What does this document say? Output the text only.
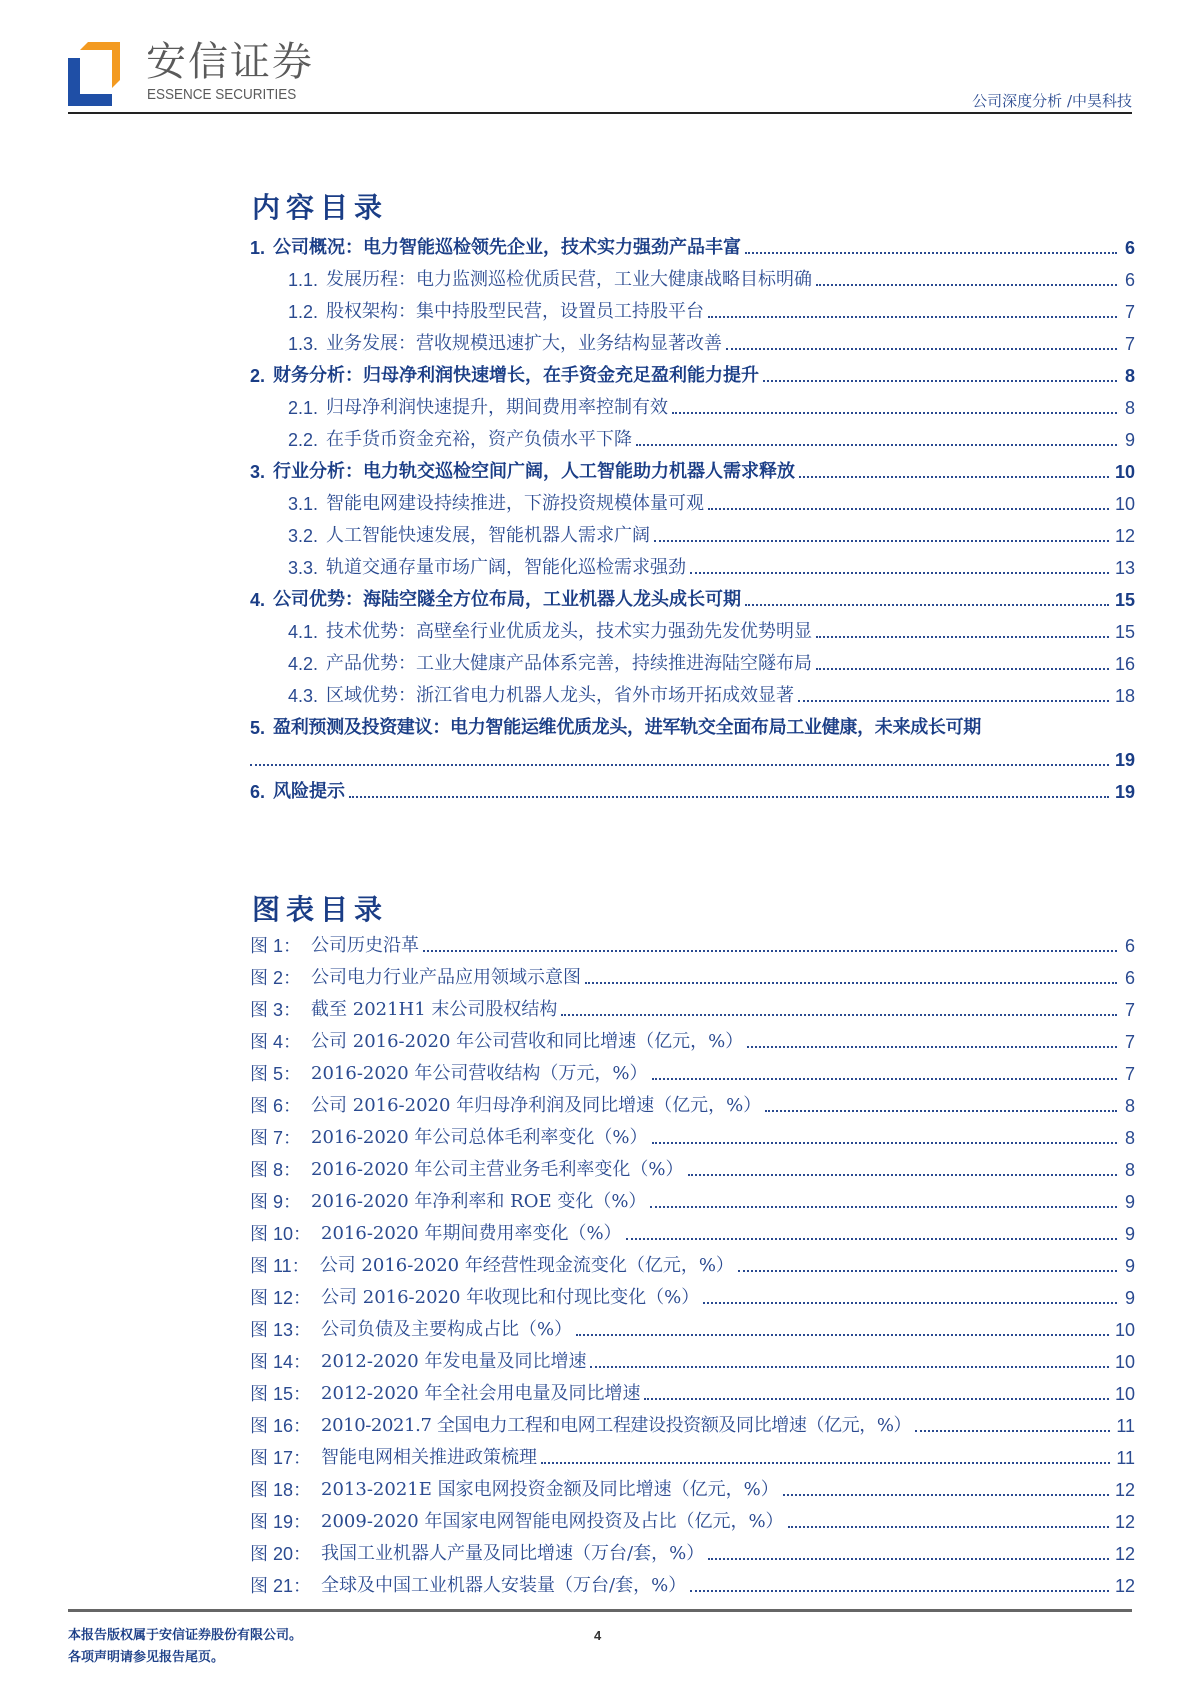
安信证券
ESSENCE SECURITIES	公司深度分析 /中昊科技
内容目录
1. 公司概况：电力智能巡检领先企业，技术实力强劲产品丰富	6
1.1. 发展历程：电力监测巡检优质民营，工业大健康战略目标明确	6
1.2. 股权架构：集中持股型民营，设置员工持股平台	7
1.3. 业务发展：营收规模迅速扩大，业务结构显著改善	7
2. 财务分析：归母净利润快速增长，在手资金充足盈利能力提升	8
2.1. 归母净利润快速提升，期间费用率控制有效	8
2.2. 在手货币资金充裕，资产负债水平下降	9
3. 行业分析：电力轨交巡检空间广阔，人工智能助力机器人需求释放	10
3.1. 智能电网建设持续推进，下游投资规模体量可观	10
3.2. 人工智能快速发展，智能机器人需求广阔	12
3.3. 轨道交通存量市场广阔，智能化巡检需求强劲	13
4. 公司优势：海陆空隧全方位布局，工业机器人龙头成长可期	15
4.1. 技术优势：高壁垒行业优质龙头，技术实力强劲先发优势明显	15
4.2. 产品优势：工业大健康产品体系完善，持续推进海陆空隧布局	16
4.3. 区域优势：浙江省电力机器人龙头，省外市场开拓成效显著	18
5. 盈利预测及投资建议：电力智能运维优质龙头，进军轨交全面布局工业健康，未来成长可期
19
6. 风险提示	19
图表目录
图 1： 公司历史沿革	6
图 2： 公司电力行业产品应用领域示意图	6
图 3： 截至 2021H1 末公司股权结构	7
图 4： 公司 2016-2020 年公司营收和同比增速（亿元，%）	7
图 5： 2016-2020 年公司营收结构（万元，%）	7
图 6： 公司 2016-2020 年归母净利润及同比增速（亿元，%）	8
图 7： 2016-2020 年公司总体毛利率变化（%）	8
图 8： 2016-2020 年公司主营业务毛利率变化（%）	8
图 9： 2016-2020 年净利率和 ROE 变化（%）	9
图 10： 2016-2020 年期间费用率变化（%）	9
图 11： 公司 2016-2020 年经营性现金流变化（亿元，%）	9
图 12： 公司 2016-2020 年收现比和付现比变化（%）	9
图 13： 公司负债及主要构成占比（%）	10
图 14： 2012-2020 年发电量及同比增速	10
图 15： 2012-2020 年全社会用电量及同比增速	10
图 16： 2010-2021.7 全国电力工程和电网工程建设投资额及同比增速（亿元，%）	11
图 17： 智能电网相关推进政策梳理	11
图 18： 2013-2021E 国家电网投资金额及同比增速（亿元，%）	12
图 19： 2009-2020 年国家电网智能电网投资及占比（亿元，%）	12
图 20： 我国工业机器人产量及同比增速（万台/套，%）	12
图 21： 全球及中国工业机器人安装量（万台/套，%）	12
本报告版权属于安信证券股份有限公司。
各项声明请参见报告尾页。
4
